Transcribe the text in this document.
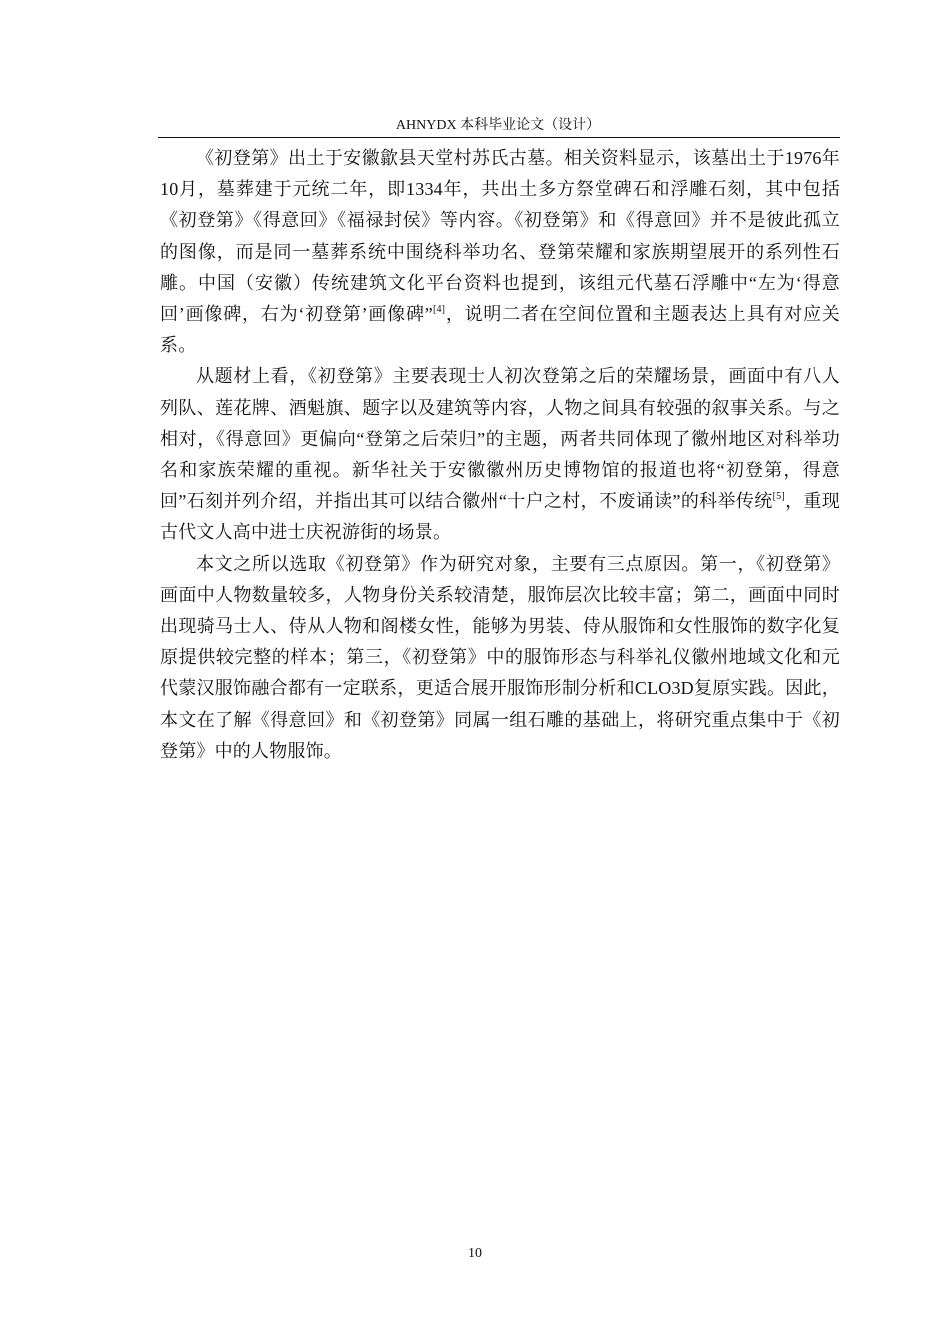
AHNYDX 本科毕业论文（设计）

《初登第》出土于安徽歙县天堂村苏氏古墓。相关资料显示，该墓出土于1976年10月，墓葬建于元统二年，即1334年，共出土多方祭堂碑石和浮雕石刻，其中包括《初登第》《得意回》《福禄封侯》等内容。《初登第》和《得意回》并不是彼此孤立的图像，而是同一墓葬系统中围绕科举功名、登第荣耀和家族期望展开的系列性石雕。中国（安徽）传统建筑文化平台资料也提到，该组元代墓石浮雕中“左为‘得意回’画像碑，右为‘初登第’画像碑”[4]，说明二者在空间位置和主题表达上具有对应关系。

从题材上看，《初登第》主要表现士人初次登第之后的荣耀场景，画面中有八人列队、莲花牌、酒魁旗、题字以及建筑等内容，人物之间具有较强的叙事关系。与之相对，《得意回》更偏向“登第之后荣归”的主题，两者共同体现了徽州地区对科举功名和家族荣耀的重视。新华社关于安徽徽州历史博物馆的报道也将“初登第，得意回”石刻并列介绍，并指出其可以结合徽州“十户之村，不废诵读”的科举传统[5]，重现古代文人高中进士庆祝游街的场景。

本文之所以选取《初登第》作为研究对象，主要有三点原因。第一，《初登第》画面中人物数量较多，人物身份关系较清楚，服饰层次比较丰富；第二，画面中同时出现骑马士人、侍从人物和阁楼女性，能够为男装、侍从服饰和女性服饰的数字化复原提供较完整的样本；第三，《初登第》中的服饰形态与科举礼仪徽州地域文化和元代蒙汉服饰融合都有一定联系，更适合展开服饰形制分析和CLO3D复原实践。因此，本文在了解《得意回》和《初登第》同属一组石雕的基础上，将研究重点集中于《初登第》中的人物服饰。

10
